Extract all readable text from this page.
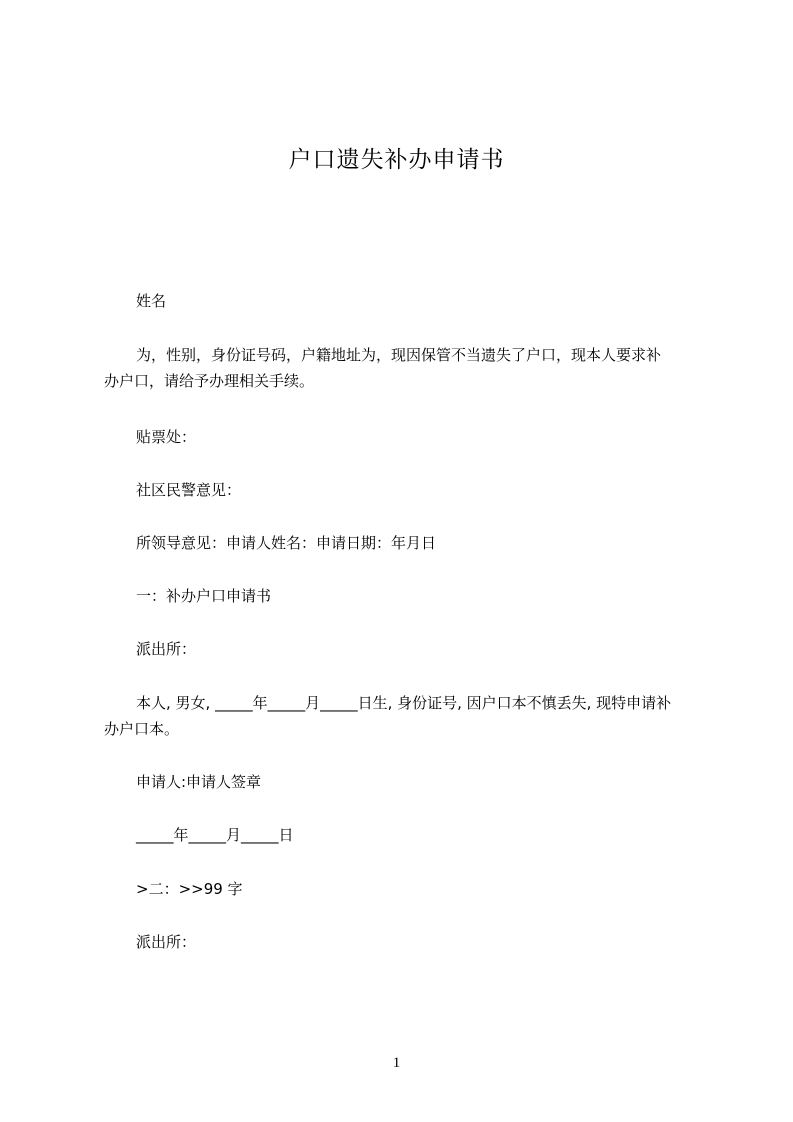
户口遗失补办申请书

姓名

为，性别，身份证号码，户籍地址为，现因保管不当遗失了户口，现本人要求补
办户口，请给予办理相关手续。

贴票处：

社区民警意见：

所领导意见：申请人姓名：申请日期：年月日

一：补办户口申请书

派出所：

本人, 男女, _____年_____月_____日生, 身份证号, 因户口本不慎丢失, 现特申请补
办户口本。

申请人:申请人签章

_____年_____月_____日

>二：>>99 字

派出所：

1
